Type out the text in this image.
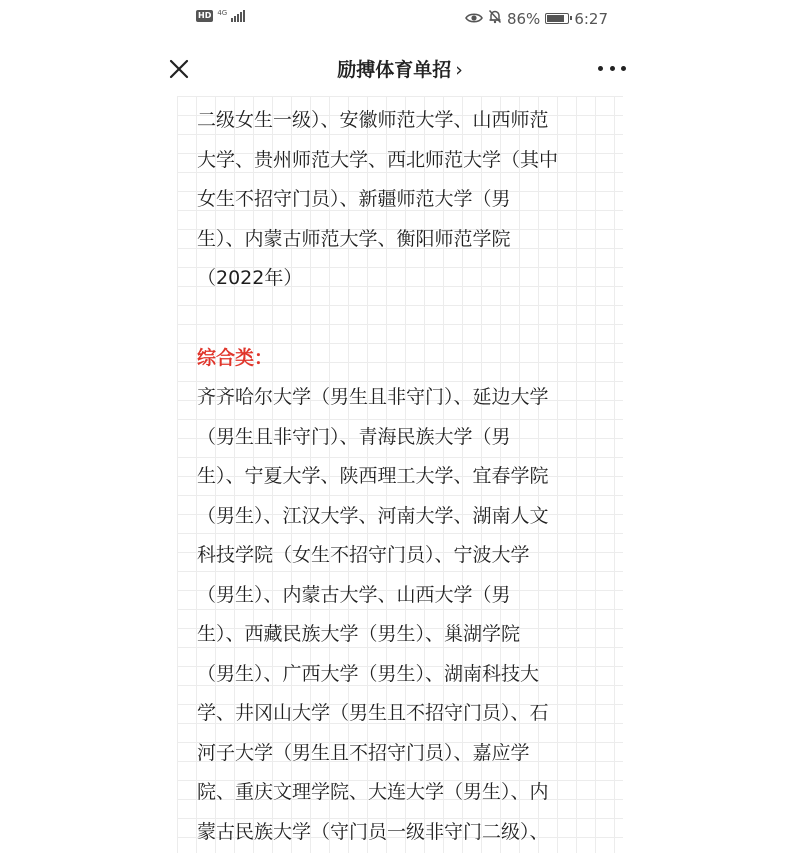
HD 4G	86% 6:27
励搏体育单招 ›

二级女生一级）、安徽师范大学、山西师范

大学、贵州师范大学、西北师范大学（其中

女生不招守门员）、新疆师范大学（男

生）、内蒙古师范大学、衡阳师范学院

（2022年）

综合类：

齐齐哈尔大学（男生且非守门）、延边大学

（男生且非守门）、青海民族大学（男

生）、宁夏大学、陕西理工大学、宜春学院

（男生）、江汉大学、河南大学、湖南人文

科技学院（女生不招守门员）、宁波大学

（男生）、内蒙古大学、山西大学（男

生）、西藏民族大学（男生）、巢湖学院

（男生）、广西大学（男生）、湖南科技大

学、井冈山大学（男生且不招守门员）、石

河子大学（男生且不招守门员）、嘉应学

院、重庆文理学院、大连大学（男生）、内

蒙古民族大学（守门员一级非守门二级）、
